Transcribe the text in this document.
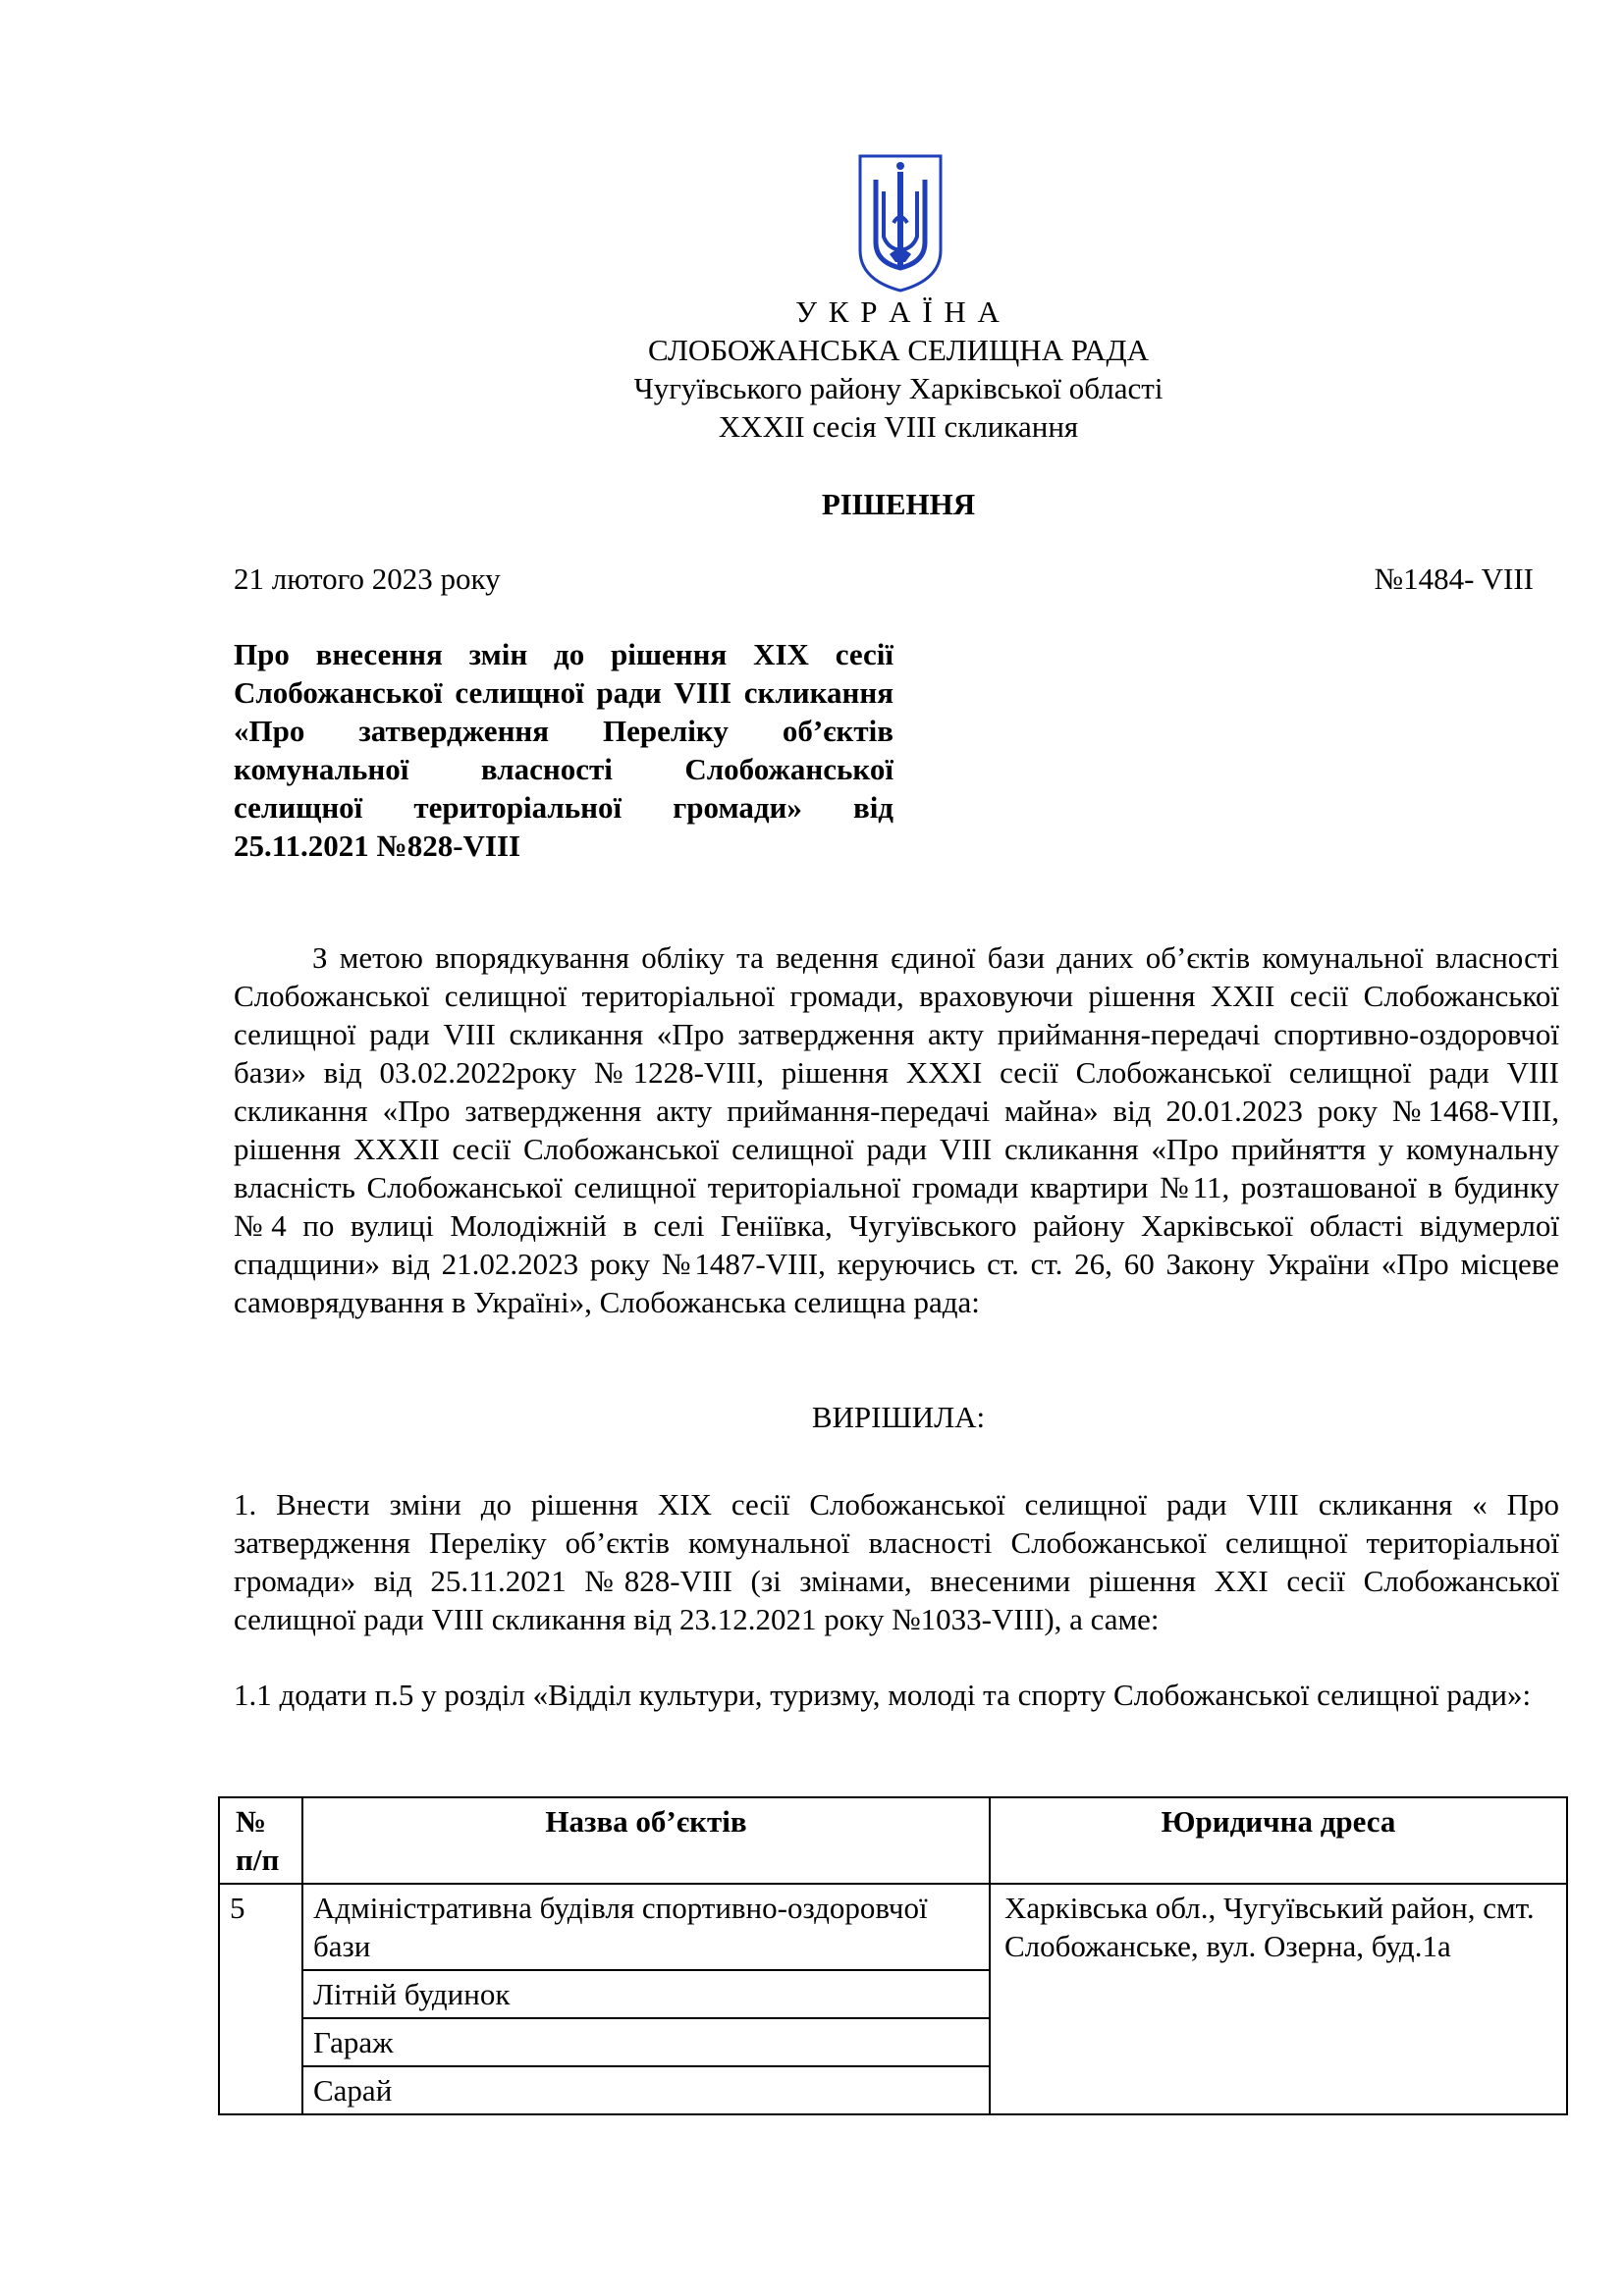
У К Р А Ї Н А
СЛОБОЖАНСЬКА СЕЛИЩНА РАДА
Чугуївського району Харківської області
XXXII сесія VIII скликання
РІШЕННЯ
21 лютого 2023 року	№1484- VIII
Про внесення змін до рішення XIX сесії Слобожанської селищної ради VIII скликання «Про затвердження Переліку об’єктів комунальної власності Слобожанської селищної територіальної громади» від 25.11.2021 №828-VIII
З метою впорядкування обліку та ведення єдиної бази даних об’єктів комунальної власності Слобожанської селищної територіальної громади, враховуючи рішення XXII сесії Слобожанської селищної ради VIII скликання «Про затвердження акту приймання-передачі спортивно-оздоровчої бази» від 03.02.2022року №1228-VIII, рішення XXXI сесії Слобожанської селищної ради VIII скликання «Про затвердження акту приймання-передачі майна» від 20.01.2023 року №1468-VIII, рішення XXXII сесії Слобожанської селищної ради VIII скликання «Про прийняття у комунальну власність Слобожанської селищної територіальної громади квартири №11, розташованої в будинку №4 по вулиці Молодіжній в селі Геніївка, Чугуївського району Харківської області відумерлої спадщини» від 21.02.2023 року №1487-VIII, керуючись ст. ст. 26, 60 Закону України «Про місцеве самоврядування в Україні», Слобожанська селищна рада:
ВИРІШИЛА:
1. Внести зміни до рішення XIX сесії Слобожанської селищної ради VIII скликання « Про затвердження Переліку об’єктів комунальної власності Слобожанської селищної територіальної громади» від 25.11.2021 №828-VIII (зі змінами, внесеними рішення XXI сесії Слобожанської селищної ради VIII скликання від 23.12.2021 року №1033-VIII), а саме:
1.1 додати п.5 у розділ «Відділ культури, туризму, молоді та спорту Слобожанської селищної ради»:
№ п/п	Назва об’єктів	Юридична дреса
5	Адміністративна будівля спортивно-оздоровчої бази	Харківська обл., Чугуївський район, смт. Слобожанське, вул. Озерна, буд.1а
	Літній будинок	
	Гараж	
	Сарай	
